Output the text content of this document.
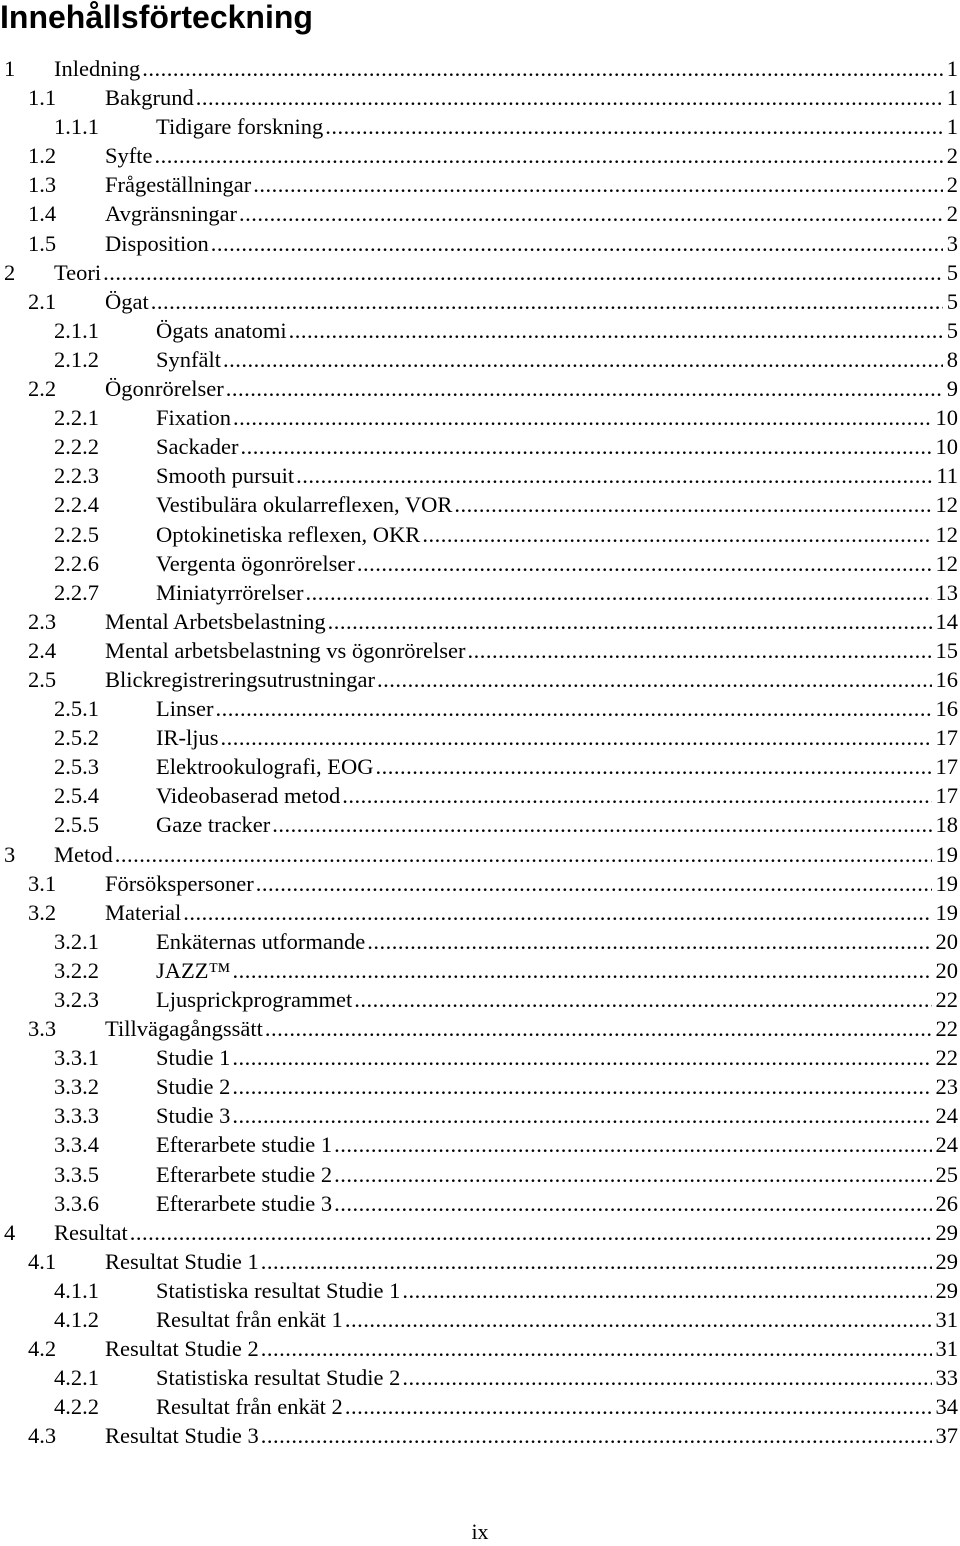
Innehållsförteckning
1	Inledning .....	1
1.1	Bakgrund .....	1
1.1.1	Tidigare forskning .....	1
1.2	Syfte .....	2
1.3	Frågeställningar .....	2
1.4	Avgränsningar .....	2
1.5	Disposition .....	3
2	Teori .....	5
2.1	Ögat .....	5
2.1.1	Ögats anatomi .....	5
2.1.2	Synfält .....	8
2.2	Ögonrörelser .....	9
2.2.1	Fixation .....	10
2.2.2	Sackader .....	10
2.2.3	Smooth pursuit .....	11
2.2.4	Vestibulära okularreflexen, VOR .....	12
2.2.5	Optokinetiska reflexen, OKR .....	12
2.2.6	Vergenta ögonrörelser .....	12
2.2.7	Miniatyrrörelser .....	13
2.3	Mental Arbetsbelastning .....	14
2.4	Mental arbetsbelastning vs ögonrörelser .....	15
2.5	Blickregistreringsutrustningar .....	16
2.5.1	Linser .....	16
2.5.2	IR-ljus .....	17
2.5.3	Elektrookulografi, EOG .....	17
2.5.4	Videobaserad metod .....	17
2.5.5	Gaze tracker .....	18
3	Metod .....	19
3.1	Försökspersoner .....	19
3.2	Material .....	19
3.2.1	Enkäternas utformande .....	20
3.2.2	JAZZ™ .....	20
3.2.3	Ljusprickprogrammet .....	22
3.3	Tillvägagångssätt .....	22
3.3.1	Studie 1 .....	22
3.3.2	Studie 2 .....	23
3.3.3	Studie 3 .....	24
3.3.4	Efterarbete studie 1 .....	24
3.3.5	Efterarbete studie 2 .....	25
3.3.6	Efterarbete studie 3 .....	26
4	Resultat .....	29
4.1	Resultat Studie 1 .....	29
4.1.1	Statistiska resultat Studie 1 .....	29
4.1.2	Resultat från enkät 1 .....	31
4.2	Resultat Studie 2 .....	31
4.2.1	Statistiska resultat Studie 2 .....	33
4.2.2	Resultat från enkät 2 .....	34
4.3	Resultat Studie 3 .....	37
ix
